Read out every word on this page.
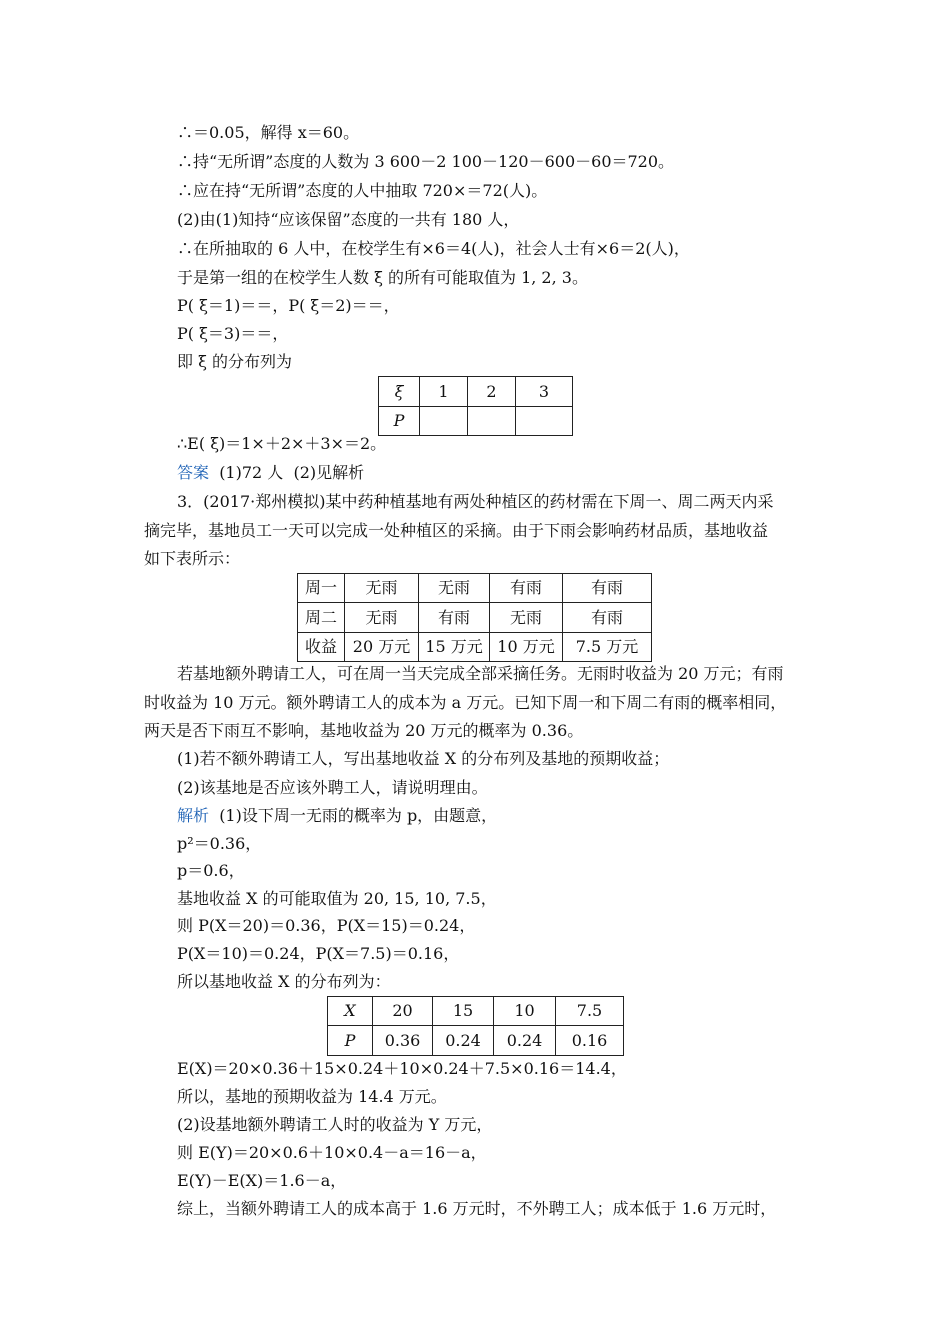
∴＝0.05，解得 x＝60。
∴持“无所谓”态度的人数为 3 600－2 100－120－600－60＝720。
∴应在持“无所谓”态度的人中抽取 720×＝72(人)。
(2)由(1)知持“应该保留”态度的一共有 180 人，
∴在所抽取的 6 人中，在校学生有×6＝4(人)，社会人士有×6＝2(人)，
于是第一组的在校学生人数 ξ 的所有可能取值为 1, 2, 3。
P( ξ＝1)＝＝，P( ξ＝2)＝＝，
P( ξ＝3)＝＝，
即 ξ 的分布列为
ξ	1	2	3
P			
∴E( ξ)＝1×＋2×＋3×＝2。
答案  (1)72 人  (2)见解析
3．(2017·郑州模拟)某中药种植基地有两处种植区的药材需在下周一、周二两天内采
摘完毕，基地员工一天可以完成一处种植区的采摘。由于下雨会影响药材品质，基地收益
如下表所示：
周一	无雨	无雨	有雨	有雨
周二	无雨	有雨	无雨	有雨
收益	20 万元	15 万元	10 万元	7.5 万元
若基地额外聘请工人，可在周一当天完成全部采摘任务。无雨时收益为 20 万元；有雨
时收益为 10 万元。额外聘请工人的成本为 a 万元。已知下周一和下周二有雨的概率相同，
两天是否下雨互不影响，基地收益为 20 万元的概率为 0.36。
(1)若不额外聘请工人，写出基地收益 X 的分布列及基地的预期收益；
(2)该基地是否应该外聘工人，请说明理由。
解析  (1)设下周一无雨的概率为 p，由题意，
p²＝0.36，
p＝0.6，
基地收益 X 的可能取值为 20, 15, 10, 7.5，
则 P(X＝20)＝0.36，P(X＝15)＝0.24，
P(X＝10)＝0.24，P(X＝7.5)＝0.16，
所以基地收益 X 的分布列为：
X	20	15	10	7.5
P	0.36	0.24	0.24	0.16
E(X)＝20×0.36＋15×0.24＋10×0.24＋7.5×0.16＝14.4，
所以，基地的预期收益为 14.4 万元。
(2)设基地额外聘请工人时的收益为 Y 万元，
则 E(Y)＝20×0.6＋10×0.4－a＝16－a，
E(Y)－E(X)＝1.6－a，
综上，当额外聘请工人的成本高于 1.6 万元时，不外聘工人；成本低于 1.6 万元时，
